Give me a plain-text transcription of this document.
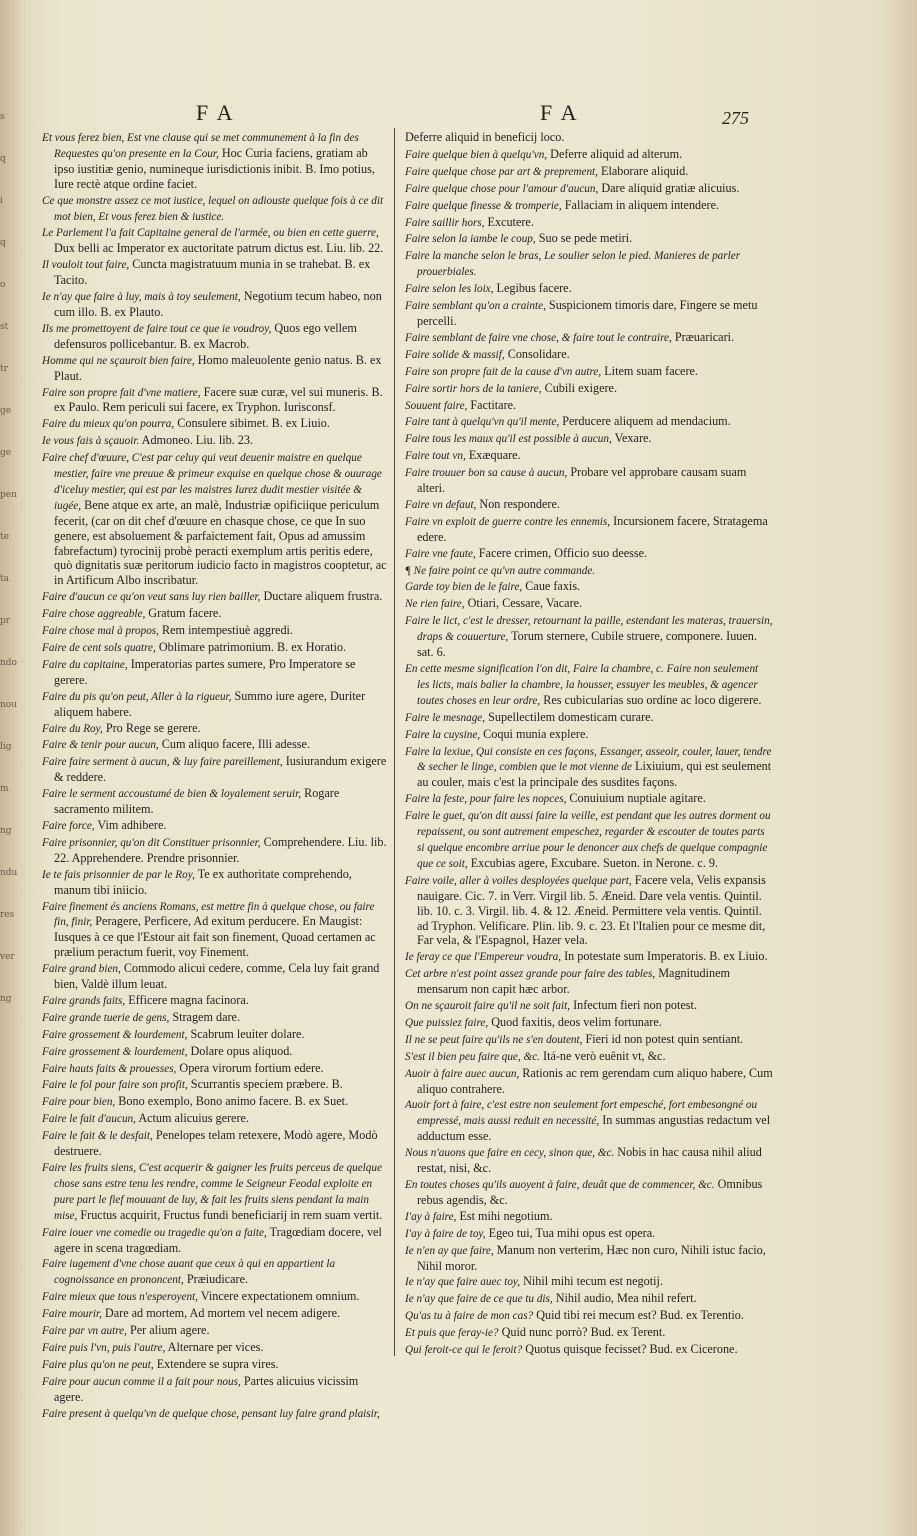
s
q
i
q
o
st
tr
ge
ge
pen
te
ta
pr
ndo
nou
lig
m
ng
ndu
res
ver
ng
FA	FA	275
Et vous ferez bien, Est vne clause qui se met communement à la fin des Requestes qu'on presente en la Cour, Hoc Curia faciens, gratiam ab ipso iustitiæ genio, numineque iurisdictionis inibit. B. Imo potius, Iure rectè atque ordine faciet.
Ce que monstre assez ce mot iustice, lequel on adiouste quelque fois à ce dit mot bien, Et vous ferez bien & iustice.
Le Parlement l'a fait Capitaine general de l'armée, ou bien en cette guerre, Dux belli ac Imperator ex auctoritate patrum dictus est. Liu. lib. 22.
Il vouloit tout faire, Cuncta magistratuum munia in se trahebat. B. ex Tacito.
Ie n'ay que faire à luy, mais à toy seulement, Negotium tecum habeo, non cum illo. B. ex Plauto.
Ils me promettoyent de faire tout ce que ie voudroy, Quos ego vellem defensuros pollicebantur. B. ex Macrob.
Homme qui ne sçauroit bien faire, Homo maleuolente genio natus. B. ex Plaut.
Faire son propre fait d'vne matiere, Facere suæ curæ, vel sui muneris. B. ex Paulo. Rem periculi sui facere, ex Tryphon. Iurisconsf.
Faire du mieux qu'on pourra, Consulere sibimet. B. ex Liuio.
Ie vous fais à sçauoir. Admoneo. Liu. lib. 23.
Faire chef d'œuure, C'est par celuy qui veut deuenir maistre en quelque mestier, faire vne preuue & primeur exquise en quelque chose & ouurage d'iceluy mestier, qui est par les maistres Iurez dudit mestier visitée & iugée, Bene atque ex arte, an malè, Industriæ opificiique periculum fecerit, (car on dit chef d'œuure en chasque chose, ce que In suo genere, est absoluement & parfaictement fait, Opus ad amussim fabrefactum) tyrocinij probè peracti exemplum artis peritis edere, quò dignitatis suæ peritorum iudicio facto in magistros cooptetur, ac in Artificum Albo inscribatur.
Faire d'aucun ce qu'on veut sans luy rien bailler, Ductare aliquem frustra.
Faire chose aggreable, Gratum facere.
Faire chose mal à propos, Rem intempestiuè aggredi.
Faire de cent sols quatre, Oblimare patrimonium. B. ex Horatio.
Faire du capitaine, Imperatorias partes sumere, Pro Imperatore se gerere.
Faire du pis qu'on peut, Aller à la rigueur, Summo iure agere, Duriter aliquem habere.
Faire du Roy, Pro Rege se gerere.
Faire & tenir pour aucun, Cum aliquo facere, Illi adesse.
Faire faire serment à aucun, & luy faire pareillement, Iusiurandum exigere & reddere.
Faire le serment accoustumé de bien & loyalement seruir, Rogare sacramento militem.
Faire force, Vim adhibere.
Faire prisonnier, qu'on dit Constituer prisonnier, Comprehendere. Liu. lib. 22. Apprehendere. Prendre prisonnier.
Ie te fais prisonnier de par le Roy, Te ex authoritate comprehendo, manum tibi iniicio.
Faire finement és anciens Romans, est mettre fin à quelque chose, ou faire fin, finir, Peragere, Perficere, Ad exitum perducere. En Maugist: Iusques à ce que l'Estour ait fait son finement, Quoad certamen ac prælium peractum fuerit, voy Finement.
Faire grand bien, Commodo alicui cedere, comme, Cela luy fait grand bien, Valdè illum leuat.
Faire grands faits, Efficere magna facinora.
Faire grande tuerie de gens, Stragem dare.
Faire grossement & lourdement, Scabrum leuiter dolare.
Faire grossement & lourdement, Dolare opus aliquod.
Faire hauts faits & prouesses, Opera virorum fortium edere.
Faire le fol pour faire son profit, Scurrantis speciem præbere. B.
Faire pour bien, Bono exemplo, Bono animo facere. B. ex Suet.
Faire le fait d'aucun, Actum alicuius gerere.
Faire le fait & le desfait, Penelopes telam retexere, Modò agere, Modò destruere.
Faire les fruits siens, C'est acquerir & gaigner les fruits perceus de quelque chose sans estre tenu les rendre, comme le Seigneur Feodal exploite en pure part le fief mouuant de luy, & fait les fruits siens pendant la main mise, Fructus acquirit, Fructus fundi beneficiarij in rem suam vertit.
Faire iouer vne comedie ou tragedie qu'on a faite, Tragœdiam docere, vel agere in scena tragœdiam.
Faire iugement d'vne chose auant que ceux à qui en appartient la cognoissance en prononcent, Præiudicare.
Faire mieux que tous n'esperoyent, Vincere expectationem omnium.
Faire mourir, Dare ad mortem, Ad mortem vel necem adigere.
Faire par vn autre, Per alium agere.
Faire puis l'vn, puis l'autre, Alternare per vices.
Faire plus qu'on ne peut, Extendere se supra vires.
Faire pour aucun comme il a fait pour nous, Partes alicuius vicissim agere.
Faire present à quelqu'vn de quelque chose, pensant luy faire grand plaisir,
Deferre aliquid in beneficij loco.
Faire quelque bien à quelqu'vn, Deferre aliquid ad alterum.
Faire quelque chose par art & preprement, Elaborare aliquid.
Faire quelque chose pour l'amour d'aucun, Dare aliquid gratiæ alicuius.
Faire quelque finesse & tromperie, Fallaciam in aliquem intendere.
Faire saillir hors, Excutere.
Faire selon la iambe le coup, Suo se pede metiri.
Faire la manche selon le bras, Le soulier selon le pied. Manieres de parler prouerbiales.
Faire selon les loix, Legibus facere.
Faire semblant qu'on a crainte, Suspicionem timoris dare, Fingere se metu percelli.
Faire semblant de faire vne chose, & faire tout le contraire, Præuaricari.
Faire solide & massif, Consolidare.
Faire son propre fait de la cause d'vn autre, Litem suam facere.
Faire sortir hors de la taniere, Cubili exigere.
Souuent faire, Factitare.
Faire tant à quelqu'vn qu'il mente, Perducere aliquem ad mendacium.
Faire tous les maux qu'il est possible à aucun, Vexare.
Faire tout vn, Exæquare.
Faire trouuer bon sa cause à aucun, Probare vel approbare causam suam alteri.
Faire vn defaut, Non respondere.
Faire vn exploit de guerre contre les ennemis, Incursionem facere, Stratagema edere.
Faire vne faute, Facere crimen, Officio suo deesse.
¶ Ne faire point ce qu'vn autre commande.
Garde toy bien de le faire, Caue faxis.
Ne rien faire, Otiari, Cessare, Vacare.
Faire le lict, c'est le dresser, retournant la paille, estendant les materas, trauersin, draps & couuerture, Torum sternere, Cubile struere, componere. Iuuen. sat. 6.
En cette mesme signification l'on dit, Faire la chambre, c. Faire non seulement les licts, mais balier la chambre, la housser, essuyer les meubles, & agencer toutes choses en leur ordre, Res cubicularias suo ordine ac loco digerere.
Faire le mesnage, Supellectilem domesticam curare.
Faire la cuysine, Coqui munia explere.
Faire la lexiue, Qui consiste en ces façons, Essanger, asseoir, couler, lauer, tendre & secher le linge, combien que le mot vienne de Lixiuium, qui est seulement au couler, mais c'est la principale des susdites façons.
Faire la feste, pour faire les nopces, Conuiuium nuptiale agitare.
Faire le guet, qu'on dit aussi faire la veille, est pendant que les autres dorment ou repaissent, ou sont autrement empeschez, regarder & escouter de toutes parts si quelque encombre arriue pour le denoncer aux chefs de quelque compagnie que ce soit, Excubias agere, Excubare. Sueton. in Nerone. c. 9.
Faire voile, aller à voiles desployées quelque part, Facere vela, Velis expansis nauigare. Cic. 7. in Verr. Virgil lib. 5. Æneid. Dare vela ventis. Quintil. lib. 10. c. 3. Virgil. lib. 4. & 12. Æneid. Permittere vela ventis. Quintil. ad Tryphon. Velificare. Plin. lib. 9. c. 23. Et l'Italien pour ce mesme dit, Far vela, & l'Espagnol, Hazer vela.
Ie feray ce que l'Empereur voudra, In potestate sum Imperatoris. B. ex Liuio.
Cet arbre n'est point assez grande pour faire des tables, Magnitudinem mensarum non capit hæc arbor.
On ne sçauroit faire qu'il ne soit fait, Infectum fieri non potest.
Que puissiez faire, Quod faxitis, deos velim fortunare.
Il ne se peut faire qu'ils ne s'en doutent, Fieri id non potest quin sentiant.
S'est il bien peu faire que, &c. Itá-ne verò euênit vt, &c.
Auoir à faire auec aucun, Rationis ac rem gerendam cum aliquo habere, Cum aliquo contrahere.
Auoir fort à faire, c'est estre non seulement fort empesché, fort embesongné ou empressé, mais aussi reduit en necessité, In summas angustias redactum vel adductum esse.
Nous n'auons que faire en cecy, sinon que, &c. Nobis in hac causa nihil aliud restat, nisi, &c.
En toutes choses qu'ils auoyent à faire, deuât que de commencer, &c. Omnibus rebus agendis, &c.
I'ay à faire, Est mihi negotium.
I'ay à faire de toy, Egeo tui, Tua mihi opus est opera.
Ie n'en ay que faire, Manum non verterim, Hæc non curo, Nihili istuc facio, Nihil moror.
Ie n'ay que faire auec toy, Nihil mihi tecum est negotij.
Ie n'ay que faire de ce que tu dis, Nihil audio, Mea nihil refert.
Qu'as tu à faire de mon cas? Quid tibi rei mecum est? Bud. ex Terentio.
Et puis que feray-ie? Quid nunc porrò? Bud. ex Terent.
Qui feroit-ce qui le feroit? Quotus quisque fecisset? Bud. ex Cicerone.
